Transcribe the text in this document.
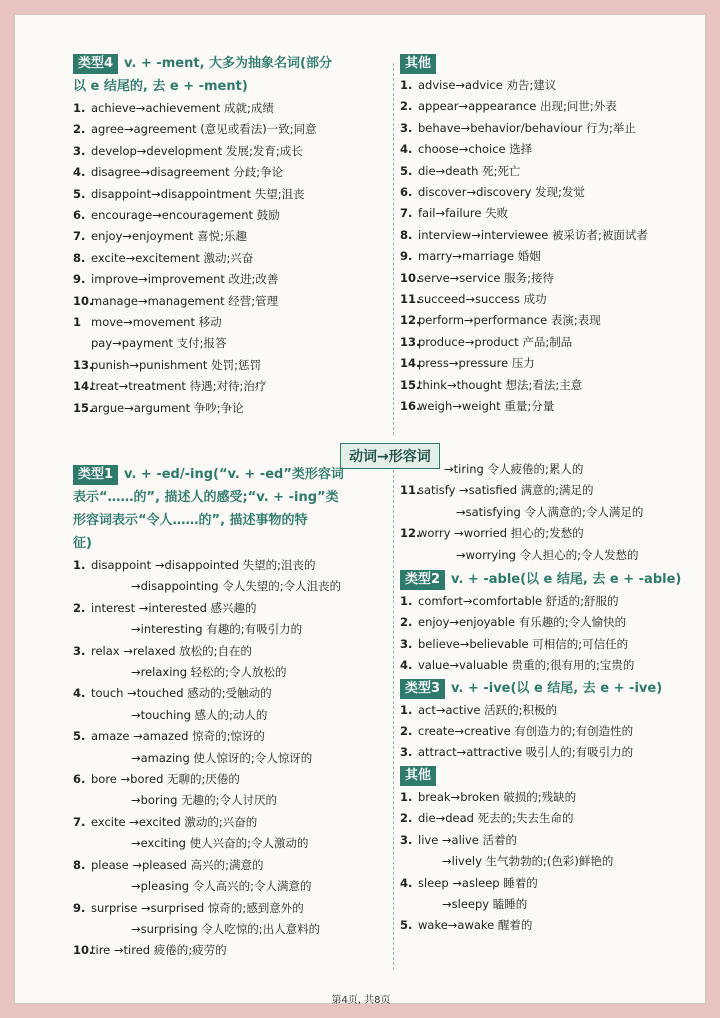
类型4 v. + -ment, 大多为抽象名词(部分
以 e 结尾的, 去 e + -ment)
1. achieve→achievement 成就;成绩
2. agree→agreement (意见或看法)一致;同意
3. develop→development 发展;发育;成长
4. disagree→disagreement 分歧;争论
5. disappoint→disappointment 失望;沮丧
6. encourage→encouragement 鼓励
7. enjoy→enjoyment 喜悦;乐趣
8. excite→excitement 激动;兴奋
9. improve→improvement 改进;改善
10.manage→management 经营;管理
1 move→movement 移动
pay→payment 支付;报答
13.punish→punishment 处罚;惩罚
14.treat→treatment 待遇;对待;治疗
15.argue→argument 争吵;争论
其他
1. advise→advice 劝告;建议
2. appear→appearance 出现;问世;外表
3. behave→behavior/behaviour 行为;举止
4. choose→choice 选择
5. die→death 死;死亡
6. discover→discovery 发现;发觉
7. fail→failure 失败
8. interview→interviewee 被采访者;被面试者
9. marry→marriage 婚姻
10.serve→service 服务;接待
11.succeed→success 成功
12.perform→performance 表演;表现
13.produce→product 产品;制品
14.press→pressure 压力
15.think→thought 想法;看法;主意
16.weigh→weight 重量;分量
动词→形容词
类型1 v. + -ed/-ing(“v. + -ed”类形容词
表示“……的”, 描述人的感受;“v. + -ing”类
形容词表示“令人……的”, 描述事物的特
征)
1. disappoint →disappointed 失望的;沮丧的
→disappointing 令人失望的;令人沮丧的
2. interest →interested 感兴趣的
→interesting 有趣的;有吸引力的
3. relax →relaxed 放松的;自在的
→relaxing 轻松的;令人放松的
4. touch →touched 感动的;受触动的
→touching 感人的;动人的
5. amaze →amazed 惊奇的;惊讶的
→amazing 使人惊讶的;令人惊讶的
6. bore →bored 无聊的;厌倦的
→boring 无趣的;令人讨厌的
7. excite →excited 激动的;兴奋的
→exciting 使人兴奋的;令人激动的
8. please →pleased 高兴的;满意的
→pleasing 令人高兴的;令人满意的
9. surprise →surprised 惊奇的;感到意外的
→surprising 令人吃惊的;出人意料的
10.tire →tired 疲倦的;疲劳的
→tiring 令人疲倦的;累人的
11.satisfy →satisfied 满意的;满足的
→satisfying 令人满意的;令人满足的
12.worry →worried 担心的;发愁的
→worrying 令人担心的;令人发愁的
类型2 v. + -able(以 e 结尾, 去 e + -able)
1. comfort→comfortable 舒适的;舒服的
2. enjoy→enjoyable 有乐趣的;令人愉快的
3. believe→believable 可相信的;可信任的
4. value→valuable 贵重的;很有用的;宝贵的
类型3 v. + -ive(以 e 结尾, 去 e + -ive)
1. act→active 活跃的;积极的
2. create→creative 有创造力的;有创造性的
3. attract→attractive 吸引人的;有吸引力的
其他
1. break→broken 破损的;残缺的
2. die→dead 死去的;失去生命的
3. live →alive 活着的
→lively 生气勃勃的;(色彩)鲜艳的
4. sleep →asleep 睡着的
→sleepy 瞌睡的
5. wake→awake 醒着的
第4页, 共8页
